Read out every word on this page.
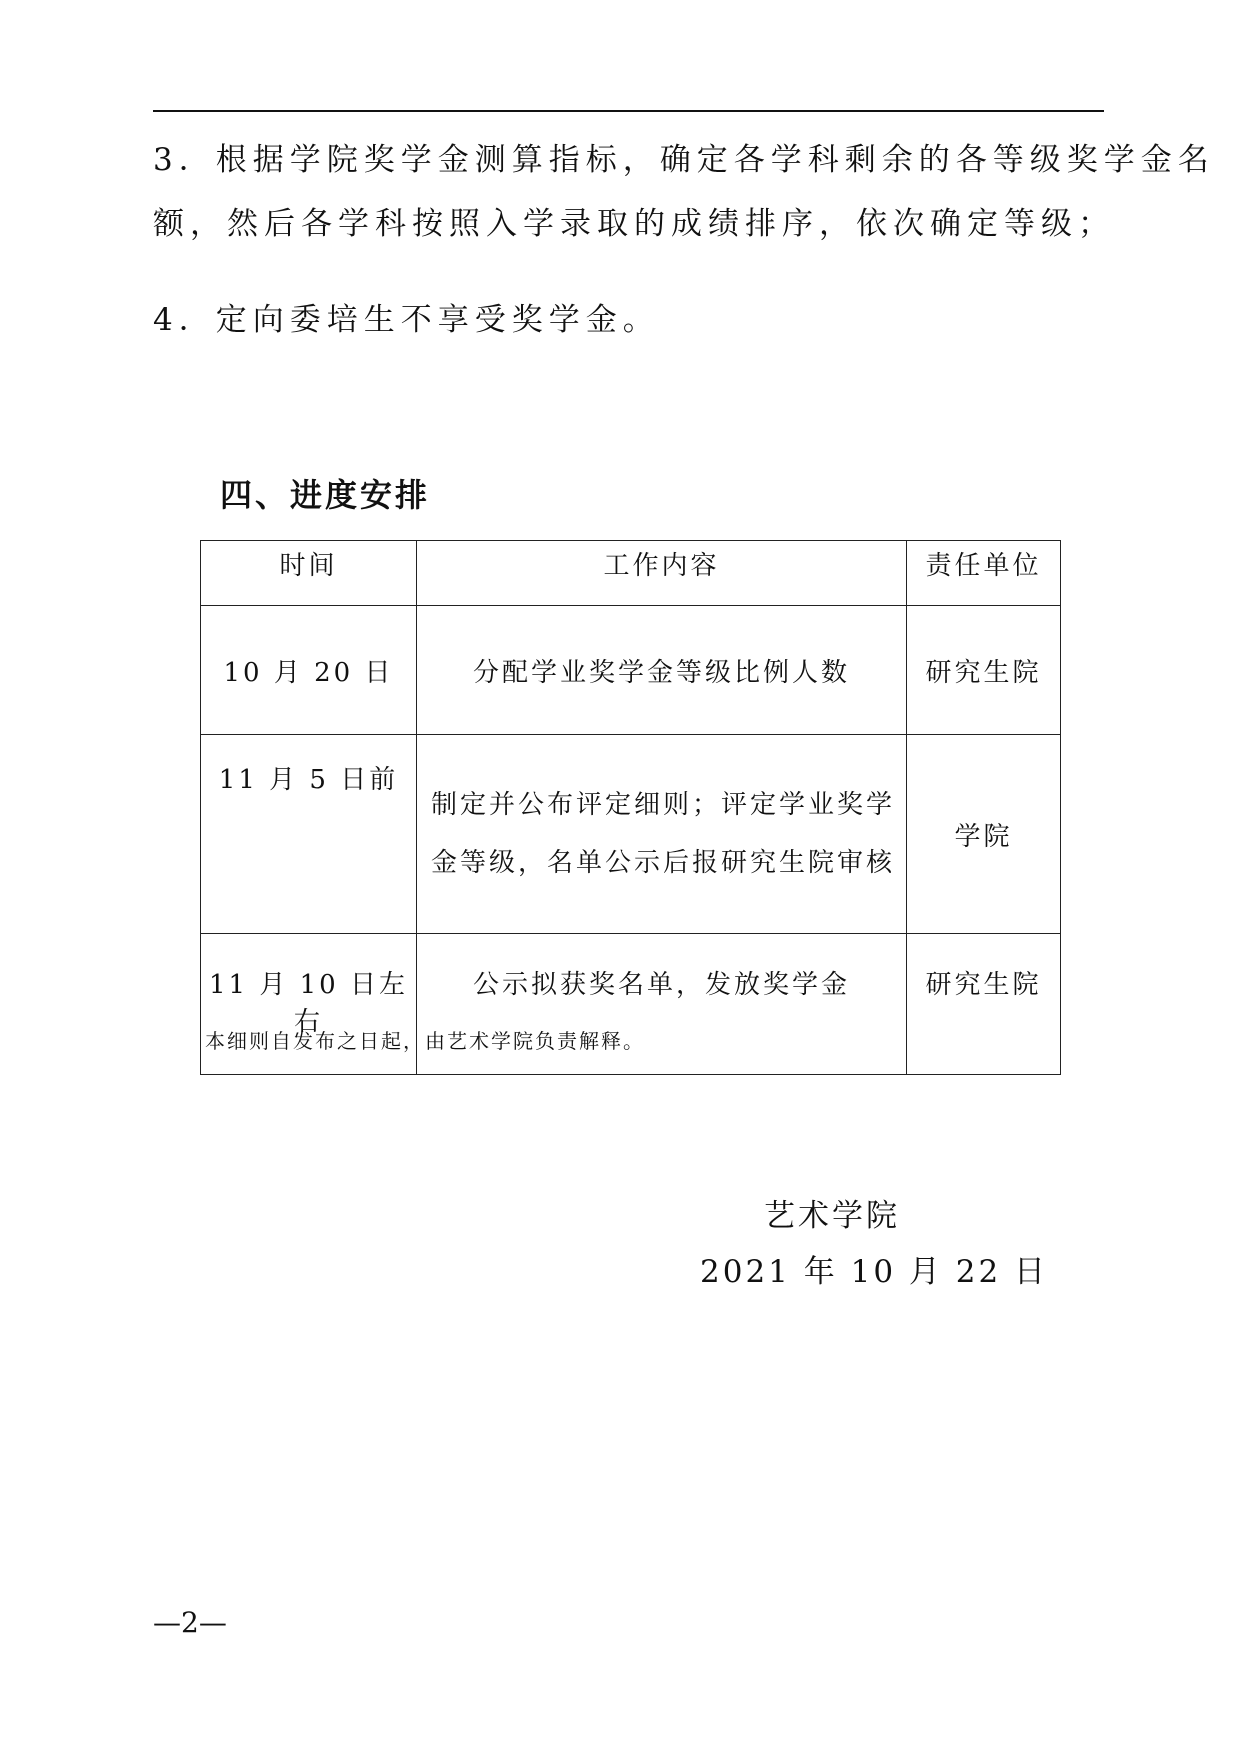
3．根据学院奖学金测算指标，确定各学科剩余的各等级奖学金名
额，然后各学科按照入学录取的成绩排序，依次确定等级；
4．定向委培生不享受奖学金。
四、进度安排
时间	工作内容	责任单位
10 月 20 日	分配学业奖学金等级比例人数	研究生院
11 月 5 日前	制定并公布评定细则；评定学业奖学金等级，名单公示后报研究生院审核	学院
11 月 10 日左右	公示拟获奖名单，发放奖学金	研究生院
本细则自发布之日起，由艺术学院负责解释。
艺术学院
2021 年 10 月 22 日
—2—
